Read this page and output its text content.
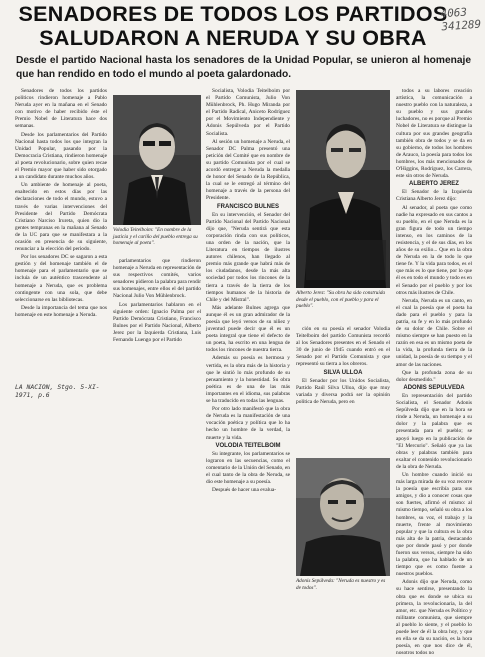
SENADORES DE TODOS LOS PARTIDOS
SALUDARON A NERUDA Y SU OBRA
4063
341289
Desde el partido Nacional hasta los senadores de la Unidad Popular, se unieron al homenaje que han rendido en todo el mundo al poeta galardonado.

Senadores de todos los partidos políticos rindieron homenaje a Pablo Neruda ayer en la mañana en el Senado con motivo de haber recibido éste el Premio Nobel de Literatura hace dos semanas.

Desde los parlamentarios del Partido Nacional hasta todos los que integran la Unidad Popular, pasando por la Democracia Cristiana, rindieron homenaje al poeta revolucionario, sobre quien recae el Premio mayor que haber sido otorgado a un candidato durante muchos años.

Un ambiente de homenaje al poeta, enaltecido en estos días por las declaraciones de todo el mundo, estuvo a través de varias intervenciones del Presidente del Partido Demócrata Cristiano Narciso Irureta, quien dio la gentes tempranas en la mañana al Senado de la UC para que se manifestara a la ocasión en presencia de su siguiente, renunciar a la elección del periodo.

Por los senadores DC se sagaron a esta gestión y del homenaje también el de homenaje para el parlamentario que se incluía de un auténtico trascendente al homenaje a Neruda, que es problema contingente con una sola, que debe seleccionarse en las bibliotecas.

Desde la importancia del tema que nos homenaje en este homenaje a Neruda.

LA NACION, Stgo. 5-XI-1971, p.6
Volodia Teitelboim: "En nombre de la justicia y el cariño del pueblo entrega su homenaje al poeta".

parlamentarios que rindieron homenaje a Neruda en representación de sus respectivos comités, varios senadores pidieron la palabra para rendir sus homenajes, entre ellos el del partido Nacional Julio Von Mühlenbrock.

Los parlamentarios hablaron en el siguiente orden: Ignacio Palma por el Partido Demócrata Cristiano, Francisco Bulnes por el Partido Nacional, Alberto Jerez por la Izquierda Cristiana, Luis Fernando Luengo por el Partido

Socialista, Volodia Teitelboim por el Partido Comunista, Julio Von Mühlenbrock, Ph. Hugo Miranda por el Partido Radical, Aniceto Rodríguez por el Movimiento Independiente y Adonis Sepúlveda por el Partido Socialista.

Al sesión un homenaje a Neruda, el Senador DC Palma presentó una petición del Comité que en nombre de su partido Comunista por el cual se acordó entregar a Neruda la medalla de honor del Senado de la República, la cual se le entregó al término del homenaje a través de la persona del Presidente.

FRANCISCO BULNES

En su intervención, el Senador del Partido Nacional del Partido Nacional dijo que, "Neruda sentirá que esta corporación rinda con sus políticos, una orden de la nación, que la Literatura en tiempos de ilustres autores chilenos, han llegado al premio más grande que habrá más de los ciudadanos, desde la más alta sociedad por todos los rincones de la tierra a través de la tierra de los tiempos humanos de la historia de Chile y del Mistral".

Más adelante Bulnes agrega que aunque él es un gran admirador de la poesía que leyó versos de su niñez y juventud puede decir que él es un poeta integral que tiene el defecto de un poeta, ha escrito en una lengua de todos los rincones de nuestra tierra.

Además su poesía es hermosa y vertida, es la obra más de la historia y que le sintió lo más profundo de su pensamiento y la honestidad. Su obra poética es de una de las más importantes en el idioma, sus palabras se ha traducido en todas las lenguas.

Por otro lado manifestó que la obra de Neruda es la manifestación de una vocación poética y política que lo ha hecho un hombre de la verdad, la muerte y la vida.

VOLODIA TEITELBOIM

Su integrante, los parlamentarios se lograron en las secuencias, como el comentario de la Unión del Senado, en el cual tanto de la obra de Neruda, se dio este homenaje a su poesía.

Después de hacer una evalua-

Alberto Jerez: "Su obra ha sido construida desde el pueblo, con el pueblo y para el pueblo".

ción en su poesía el senador Volodia Teitelboim del partido Comunista recordó al los Senadores presentes en el Senado el 30 de junio de 1945 cuando entró en el Senado por el Partido Comunista y que representó su tierra a los obreros.

SILVA ULLOA

El Senador por los Unidos Socialista, Partido Raúl Silva Ulloa, dijo que muy variada y diversa podrá ser la opinión política de Neruda, pero en

Adonis Sepúlveda: "Neruda es nuestro y es de todos".

todos a su labores creación artística, la comunicación a nuestro pueblo con la naturaleza, a su pueblo y sus grandes luchadores, no es porque al Premio Nobel de Literatura se distingue la cultura por sus grandes geografía también obra de todos y se da en su gobierno, de todos los hombres de Arauco, la poesía para todos los hombres, los más mencionados de O'Higgins, Rodríguez, los Carrera, este sin otros de Neruda.

ALBERTO JEREZ

El Senador de la Izquierda Cristiana Alberto Jerez dijo:

Al senador, al poeta que como nadie ha expresado en sus cantos a su pueblo, en el que Neruda es la gran figura de todo un tiempo intenso, en los caminos de la resistencia, y el de sus días, en los años de su exilio... Que en la obra de Neruda en la de todo lo que tiene fe. Y la vida para todos, es el que más es lo que tiene, por lo que él es en todo el mundo y todo es en el Senado por el pueblo y por los otros más ilustres de Chile.

Neruda, Neruda es un canto, en el cual la poesía que el poeta ha dado para el pueblo y para la patria, su fe y en lo más profundo de su dolor de Chile. Sobre el mismo siempre se han puesto en la razón en esa es un mismo poeta de la vida, la profunda tierra de la unidad, la poesía de su tiempo y el amor de las naciones.

Que la profunda zona de su dolor desmedido."

ADONIS SEPULVEDA

En representación del partido Socialista, el Senador Adonis Sepúlveda dijo que en la hora se rinde a Neruda, un homenaje a su dolor y la palabra que es presentada para el pueblo; se apoyó luego en la publicación de "El Mercurio". Señaló que ya las obras y palabras también para exaltar el contenido revolucionario de la obra de Neruda.

Un hombre cuando inició su más larga mirada de su voz recorre la poesía que escribía para sus amigos, y dio a conocer cosas que son fuertes, afirmó el mismo: al mismo tiempo, señaló su obra a los hombres, su voz, el trabajo y la muerte, frente al movimiento popular y que la cultura es la obra más alta de la patria, destacando que por donde pasó y por donde fueron sus versos, siempre ha sido la palabra, que ha hablado de un tiempo que es como fuente a nuestros pueblos.

Adonis dijo que Neruda, como su hace sentirse, presentando la obra que es donde se ubica su primera, la revolucionaria, la del amor, etc. que Neruda es Político y militante comunista, que siempre al pueblo lo siente, y el pueblo lo puede leer de él la obra hoy, y que en ella se da su nación, es la hora poesía, en que nos dice de él, nosotros todos no
